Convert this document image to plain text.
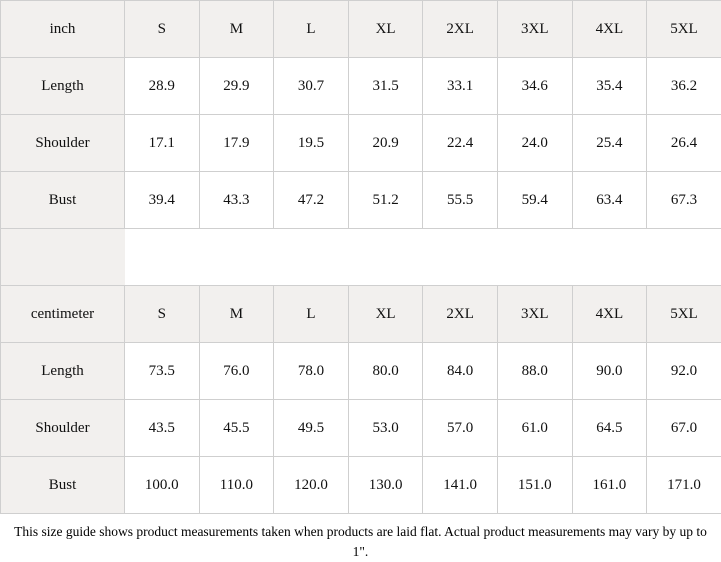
inch	S	M	L	XL	2XL	3XL	4XL	5XL
Length	28.9	29.9	30.7	31.5	33.1	34.6	35.4	36.2
Shoulder	17.1	17.9	19.5	20.9	22.4	24.0	25.4	26.4
Bust	39.4	43.3	47.2	51.2	55.5	59.4	63.4	67.3

centimeter	S	M	L	XL	2XL	3XL	4XL	5XL
Length	73.5	76.0	78.0	80.0	84.0	88.0	90.0	92.0
Shoulder	43.5	45.5	49.5	53.0	57.0	61.0	64.5	67.0
Bust	100.0	110.0	120.0	130.0	141.0	151.0	161.0	171.0
This size guide shows product measurements taken when products are laid flat. Actual product measurements may vary by up to 1".
